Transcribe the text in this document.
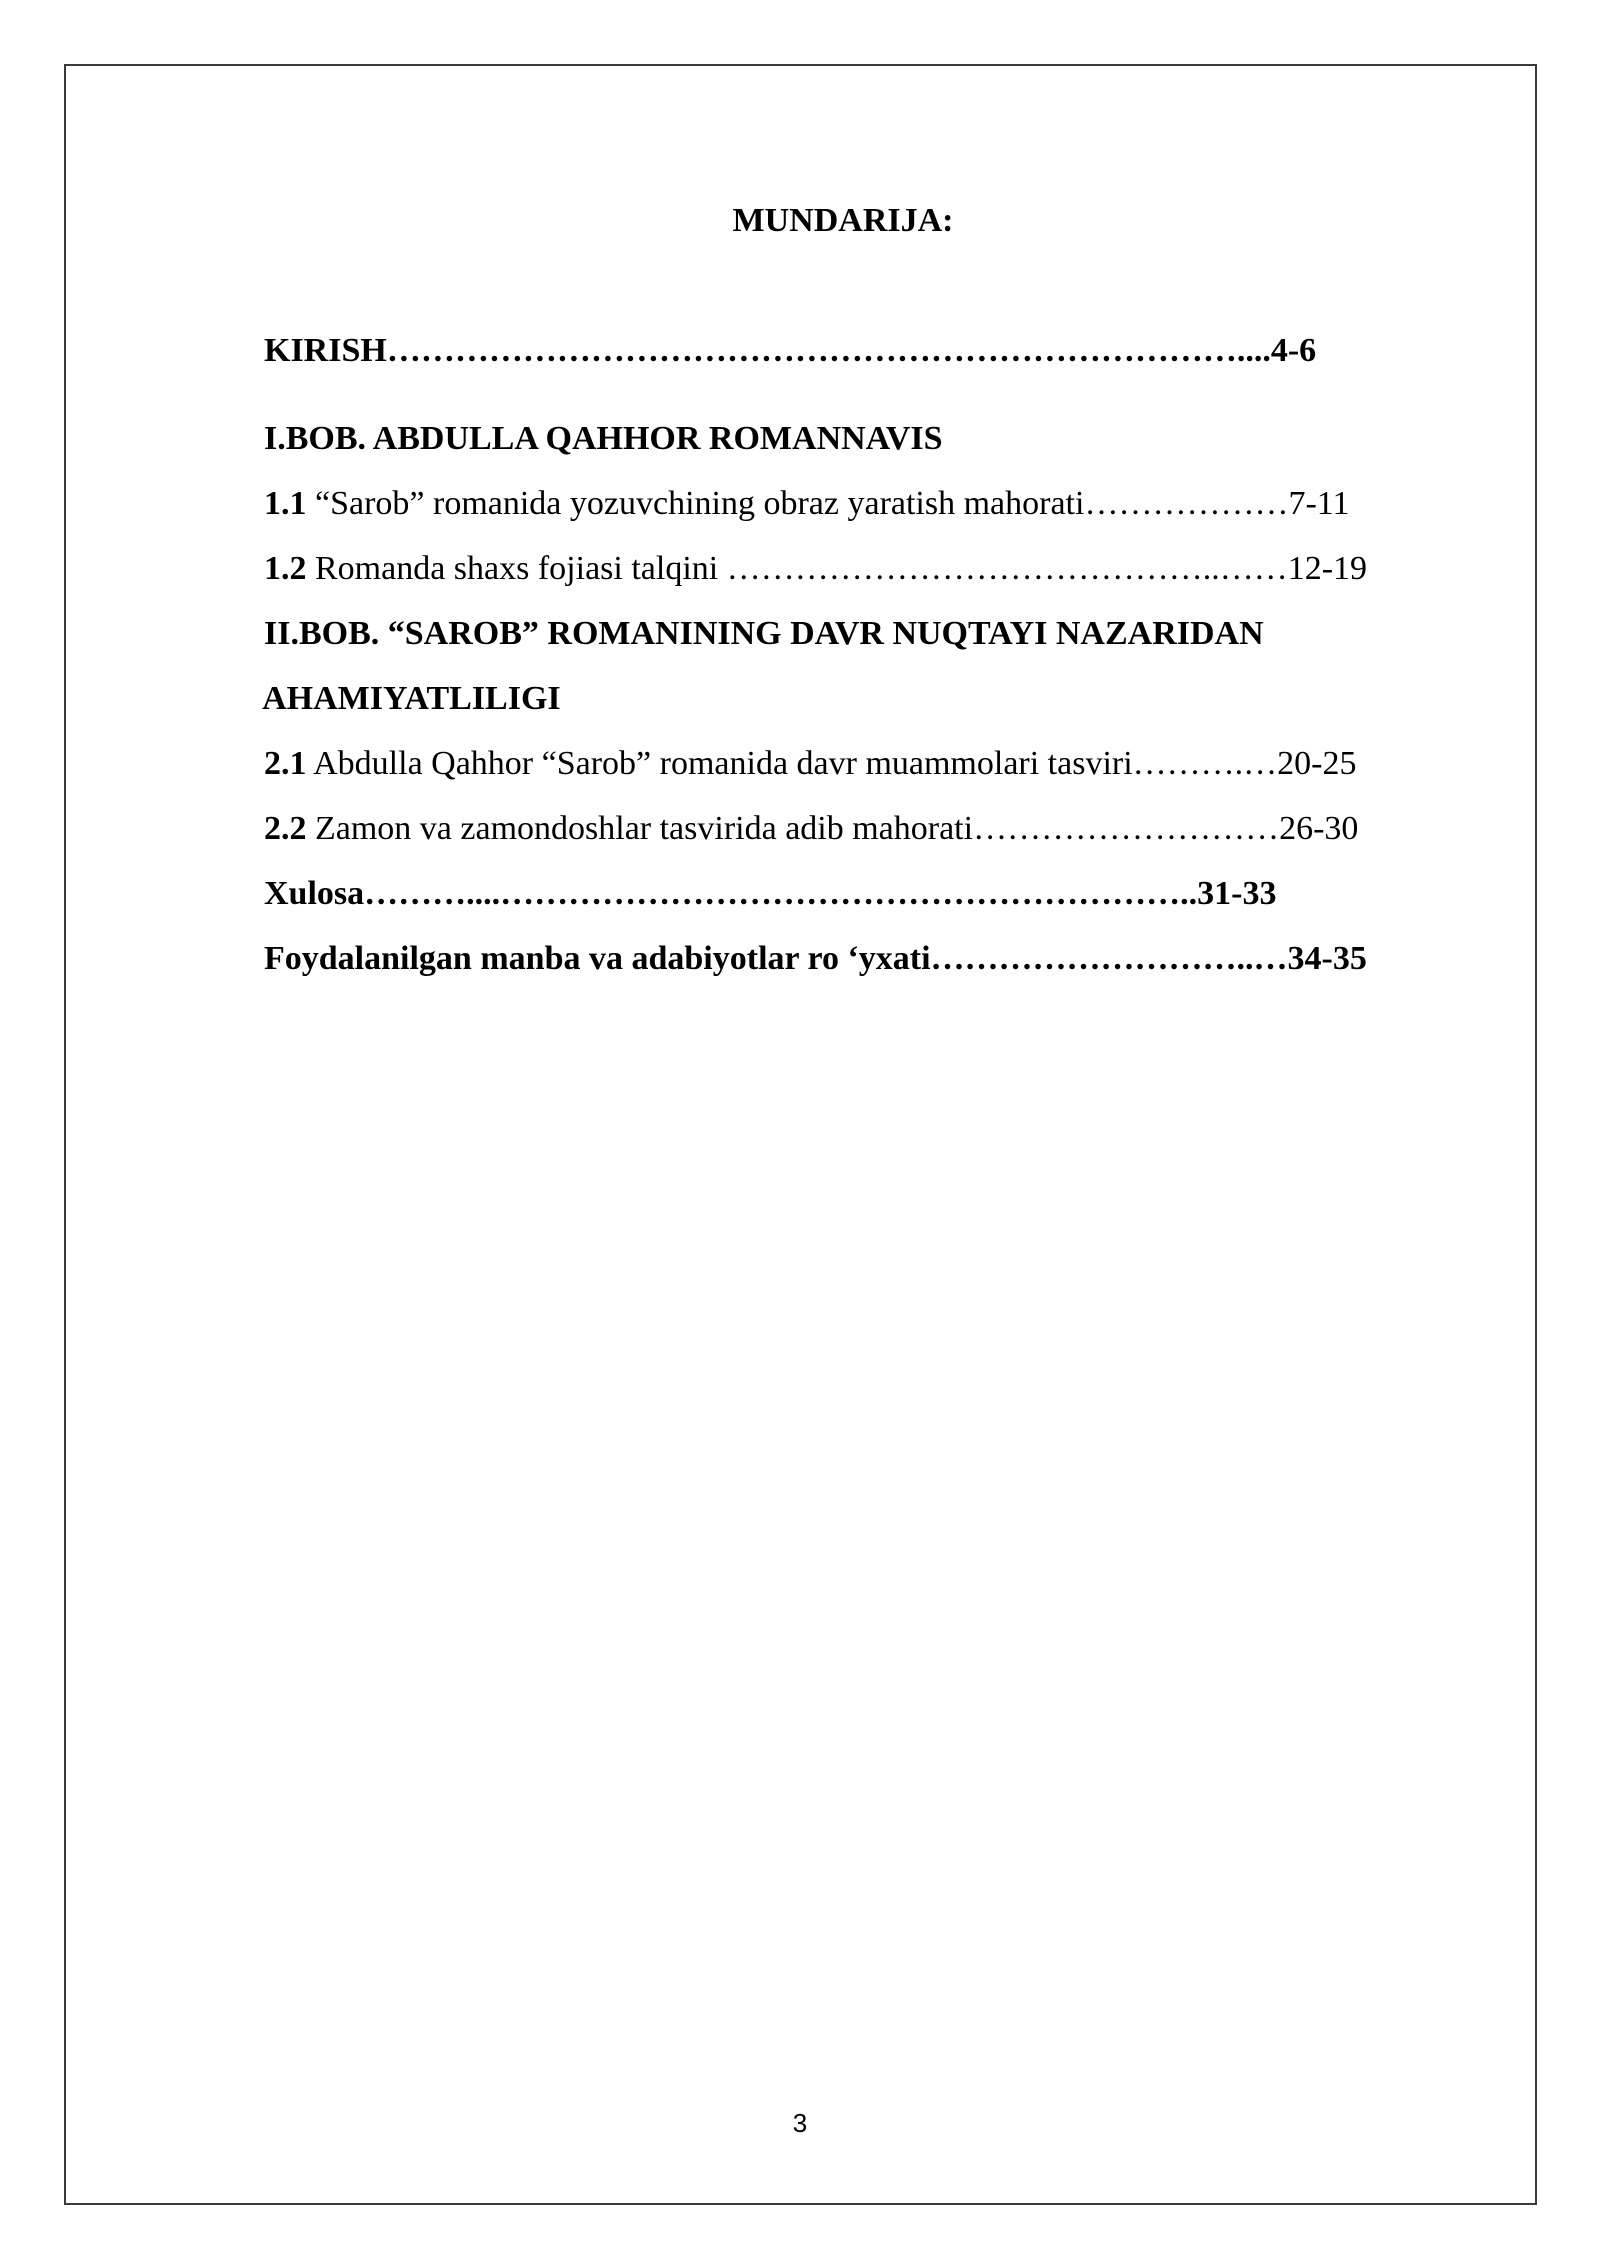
MUNDARIJA:

KIRISH…………………………………………………………………....4-6

I.BOB. ABDULLA QAHHOR ROMANNAVIS

1.1 “Sarob” romanida yozuvchining obraz yaratish mahorati………………7-11

1.2 Romanda shaxs fojiasi talqini ……………………………………..……12-19

II.BOB. “SAROB” ROMANINING DAVR NUQTAYI NAZARIDAN

AHAMIYATLILIGI

2.1 Abdulla Qahhor “Sarob” romanida davr muammolari tasviri……….…20-25

2.2 Zamon va zamondoshlar tasvirida adib mahorati………………………26-30

Xulosa………....……………………………………………………..31-33

Foydalanilgan manba va adabiyotlar ro ‘yxati………………………..…34-35

3
